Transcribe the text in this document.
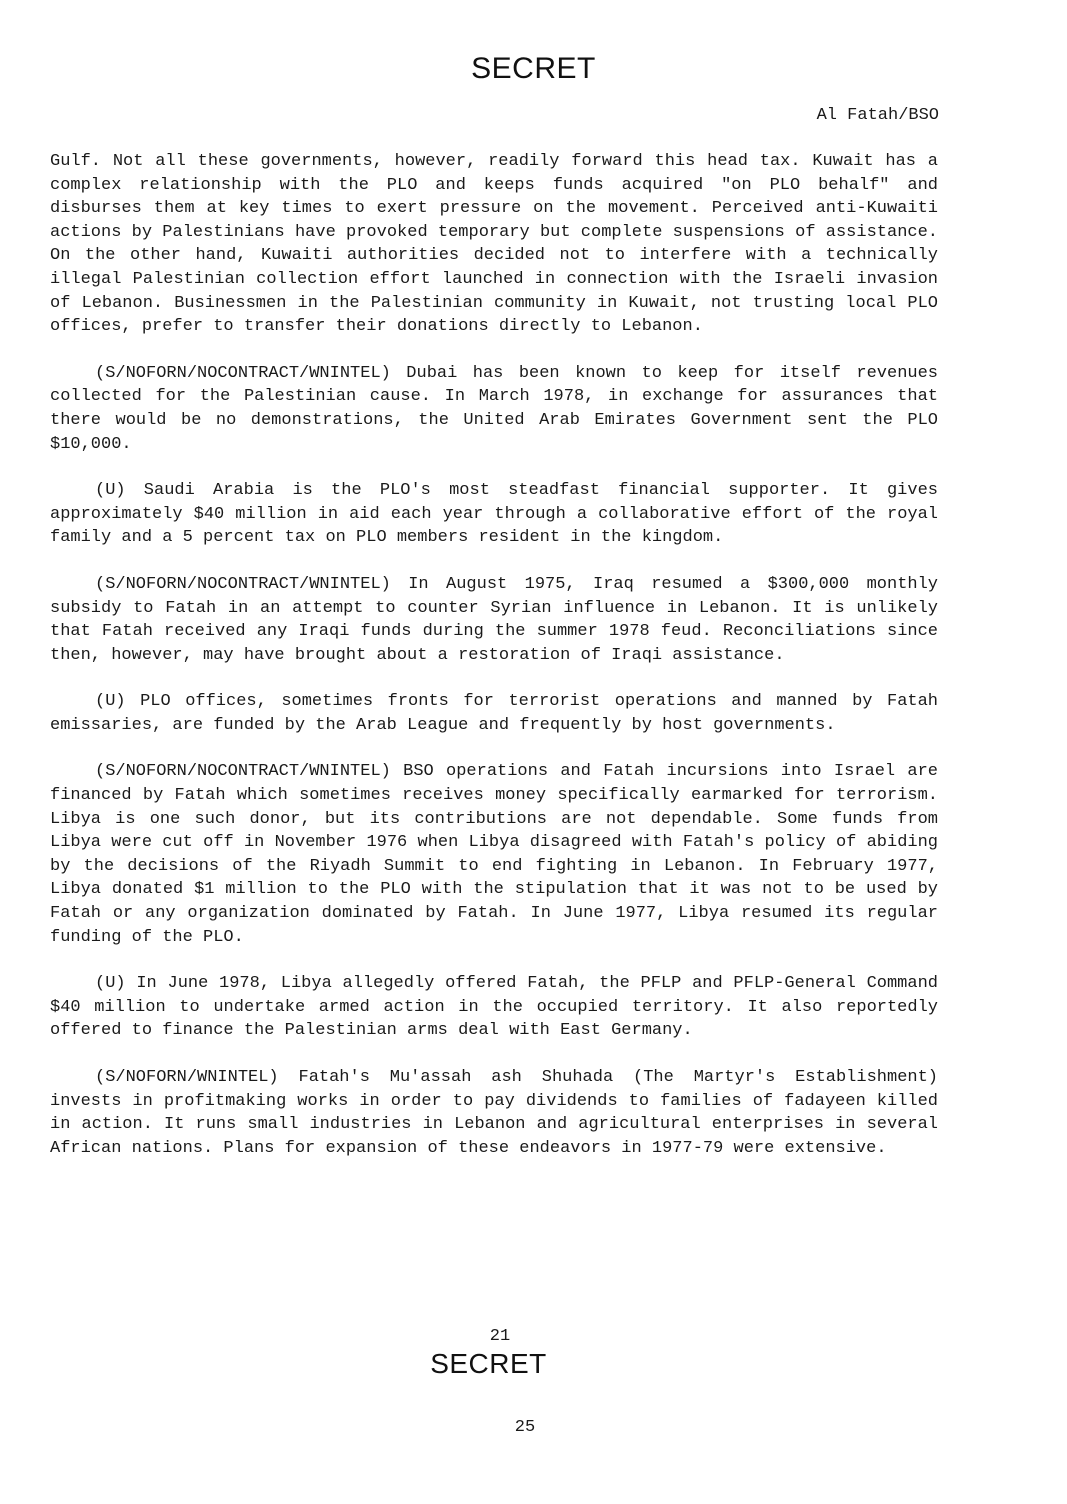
SECRET
Al Fatah/BSO

Gulf. Not all these governments, however, readily forward this head tax. Kuwait has a complex relationship with the PLO and keeps funds acquired "on PLO behalf" and disburses them at key times to exert pressure on the movement. Perceived anti-Kuwaiti actions by Palestinians have provoked temporary but complete suspensions of assistance. On the other hand, Kuwaiti authorities decided not to interfere with a technically illegal Palestinian collection effort launched in connection with the Israeli invasion of Lebanon. Businessmen in the Palestinian community in Kuwait, not trusting local PLO offices, prefer to transfer their donations directly to Lebanon.

(S/NOFORN/NOCONTRACT/WNINTEL) Dubai has been known to keep for itself revenues collected for the Palestinian cause. In March 1978, in exchange for assurances that there would be no demonstrations, the United Arab Emirates Government sent the PLO $10,000.

(U) Saudi Arabia is the PLO's most steadfast financial supporter. It gives approximately $40 million in aid each year through a collaborative effort of the royal family and a 5 percent tax on PLO members resident in the kingdom.

(S/NOFORN/NOCONTRACT/WNINTEL) In August 1975, Iraq resumed a $300,000 monthly subsidy to Fatah in an attempt to counter Syrian influence in Lebanon. It is unlikely that Fatah received any Iraqi funds during the summer 1978 feud. Reconciliations since then, however, may have brought about a restoration of Iraqi assistance.

(U) PLO offices, sometimes fronts for terrorist operations and manned by Fatah emissaries, are funded by the Arab League and frequently by host governments.

(S/NOFORN/NOCONTRACT/WNINTEL) BSO operations and Fatah incursions into Israel are financed by Fatah which sometimes receives money specifically earmarked for terrorism. Libya is one such donor, but its contributions are not dependable. Some funds from Libya were cut off in November 1976 when Libya disagreed with Fatah's policy of abiding by the decisions of the Riyadh Summit to end fighting in Lebanon. In February 1977, Libya donated $1 million to the PLO with the stipulation that it was not to be used by Fatah or any organization dominated by Fatah. In June 1977, Libya resumed its regular funding of the PLO.

(U) In June 1978, Libya allegedly offered Fatah, the PFLP and PFLP-General Command $40 million to undertake armed action in the occupied territory. It also reportedly offered to finance the Palestinian arms deal with East Germany.

(S/NOFORN/WNINTEL) Fatah's Mu'assah ash Shuhada (The Martyr's Establishment) invests in profitmaking works in order to pay dividends to families of fadayeen killed in action. It runs small industries in Lebanon and agricultural enterprises in several African nations. Plans for expansion of these endeavors in 1977-79 were extensive.

21
SECRET
25
